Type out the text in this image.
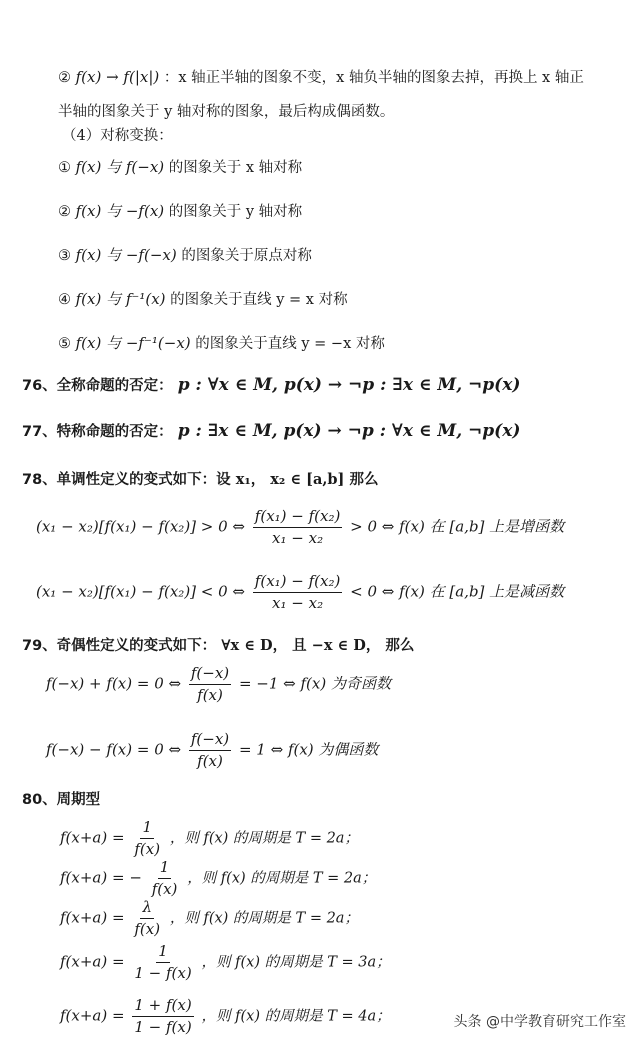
② f(x) → f(|x|) ：x 轴正半轴的图象不变，x 轴负半轴的图象去掉，再换上 x 轴正
半轴的图象关于 y 轴对称的图象，最后构成偶函数。
（4）对称变换：
① f(x) 与 f(−x) 的图象关于 x 轴对称
② f(x) 与 −f(x) 的图象关于 y 轴对称
③ f(x) 与 −f(−x) 的图象关于原点对称
④ f(x) 与 f⁻¹(x) 的图象关于直线 y = x 对称
⑤ f(x) 与 −f⁻¹(−x) 的图象关于直线 y = −x 对称
76、全称命题的否定： p : ∀x ∈ M, p(x) → ¬p : ∃x ∈ M, ¬p(x)
77、特称命题的否定： p : ∃x ∈ M, p(x) → ¬p : ∀x ∈ M, ¬p(x)
78、单调性定义的变式如下：设 x₁， x₂ ∈ [a,b] 那么
(x₁ − x₂)[f(x₁) − f(x₂)] > 0 ⇔ $\frac{\text{f(x₁) − f(x₂)}}{\text{x₁ − x₂}} > 0$ ⇔ f(x) 在 [a,b] 上是增函数
(x₁ − x₂)[f(x₁) − f(x₂)] < 0 ⇔ $\frac{\text{f(x₁) − f(x₂)}}{\text{x₁ − x₂}} < 0$ ⇔ f(x) 在 [a,b] 上是减函数
79、奇偶性定义的变式如下： ∀x ∈ D， 且 −x ∈ D， 那么
f(−x) + f(x) = 0 ⇔ $\frac{f(-x)}{f(x)} = -1$ ⇔ f(x) 为奇函数
f(−x) − f(x) = 0 ⇔ $\frac{f(-x)}{f(x)} = 1$ ⇔ f(x) 为偶函数
80、周期型
$f(x+a) = \frac{1}{f(x)}$ ，则 f(x) 的周期是 T = 2a；
f(x+a) = − $\frac{1}{f(x)}$ ，则 f(x) 的周期是 T = 2a；
$f(x+a) = \frac{\lambda}{f(x)}$ ，则 f(x) 的周期是 T = 2a；
$f(x+a) = \frac{1}{1 - f(x)}$ ，则 f(x) 的周期是 T = 3a；
$f(x+a) = \frac{1 + f(x)}{1 - f(x)}$ ，则 f(x) 的周期是 T = 4a；	头条 @中学教育研究工作室
